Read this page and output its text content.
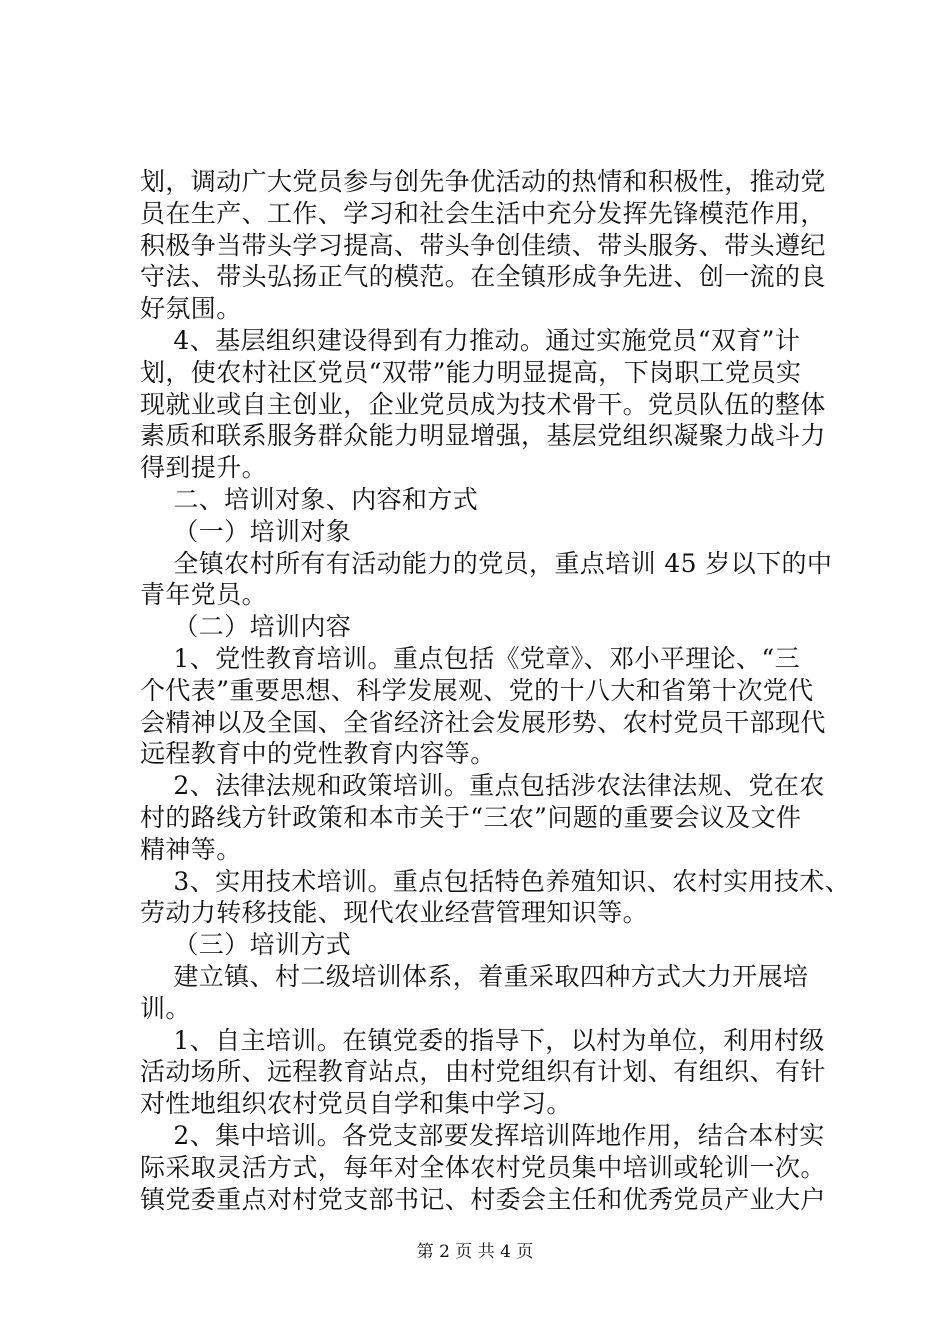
划，调动广大党员参与创先争优活动的热情和积极性，推动党
员在生产、工作、学习和社会生活中充分发挥先锋模范作用，
积极争当带头学习提高、带头争创佳绩、带头服务、带头遵纪
守法、带头弘扬正气的模范。在全镇形成争先进、创一流的良
好氛围。
4、基层组织建设得到有力推动。通过实施党员“双育”计
划，使农村社区党员“双带”能力明显提高，下岗职工党员实
现就业或自主创业，企业党员成为技术骨干。党员队伍的整体
素质和联系服务群众能力明显增强，基层党组织凝聚力战斗力
得到提升。
二、培训对象、内容和方式
（一）培训对象
全镇农村所有有活动能力的党员，重点培训 45 岁以下的中
青年党员。
（二）培训内容
1、党性教育培训。重点包括《党章》、邓小平理论、“三
个代表”重要思想、科学发展观、党的十八大和省第十次党代
会精神以及全国、全省经济社会发展形势、农村党员干部现代
远程教育中的党性教育内容等。
2、法律法规和政策培训。重点包括涉农法律法规、党在农
村的路线方针政策和本市关于“三农”问题的重要会议及文件
精神等。
3、实用技术培训。重点包括特色养殖知识、农村实用技术、
劳动力转移技能、现代农业经营管理知识等。
（三）培训方式
建立镇、村二级培训体系，着重采取四种方式大力开展培
训。
1、自主培训。在镇党委的指导下，以村为单位，利用村级
活动场所、远程教育站点，由村党组织有计划、有组织、有针
对性地组织农村党员自学和集中学习。
2、集中培训。各党支部要发挥培训阵地作用，结合本村实
际采取灵活方式，每年对全体农村党员集中培训或轮训一次。
镇党委重点对村党支部书记、村委会主任和优秀党员产业大户
第 2 页 共 4 页
